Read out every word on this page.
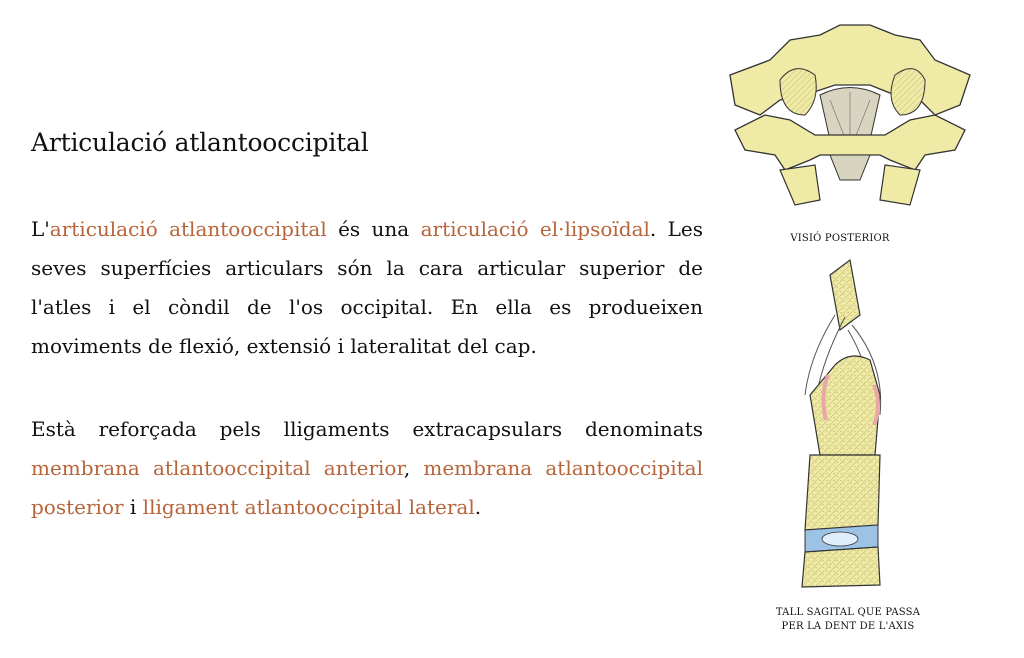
Articulació atlantooccipital

L'articulació atlantooccipital és una articulació el·lipsoïdal. Les seves superfícies articulars són la cara articular superior de l'atles i el còndil de l'os occipital. En ella es produeixen moviments de flexió, extensió i lateralitat del cap.

Està reforçada pels lligaments extracapsulars denominats membrana atlantooccipital anterior, membrana atlantooccipital posterior i lligament atlantooccipital lateral.

VISIÓ POSTERIOR
TALL SAGITAL QUE PASSA
PER LA DENT DE L'AXIS
